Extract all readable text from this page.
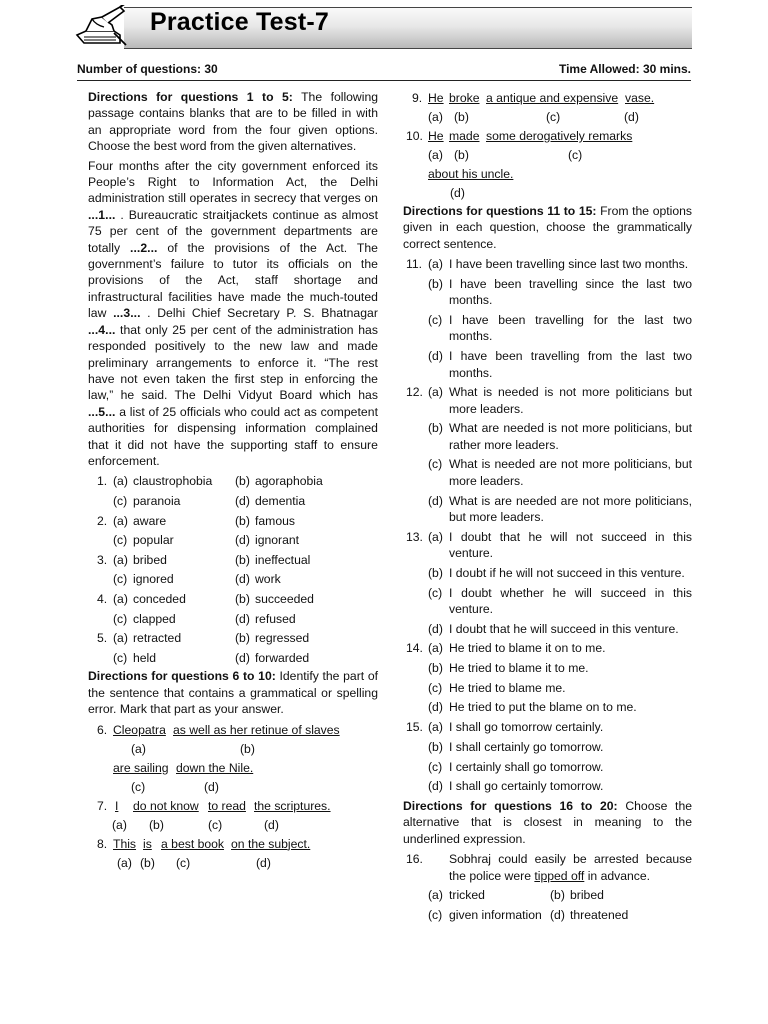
Practice Test-7
Number of questions: 30	Time Allowed: 30 mins.

Directions for questions 1 to 5: The following passage contains blanks that are to be filled in with an appropriate word from the four given options. Choose the best word from the given alternatives.

Four months after the city government enforced its People’s Right to Information Act, the Delhi administration still operates in secrecy that verges on ...1... . Bureaucratic straitjackets continue as almost 75 per cent of the government departments are totally ...2... of the provisions of the Act. The government’s failure to tutor its officials on the provisions of the Act, staff shortage and infrastructural facilities have made the much-touted law ...3... . Delhi Chief Secretary P. S. Bhatnagar ...4... that only 25 per cent of the administration has responded positively to the new law and made preliminary arrangements to enforce it. “The rest have not even taken the first step in enforcing the law,” he said. The Delhi Vidyut Board which has ...5... a list of 25 officials who could act as competent authorities for dispensing information complained that it did not have the supporting staff to ensure enforcement.

1. (a) claustrophobia (b) agoraphobia
(c) paranoia	(d) dementia
2. (a) aware	(b) famous
(c) popular	(d) ignorant
3. (a) bribed	(b) ineffectual
(c) ignored	(d) work
4. (a) conceded	(b) succeeded
(c) clapped	(d) refused
5. (a) retracted	(b) regressed
(c) held	(d) forwarded

Directions for questions 6 to 10: Identify the part of the sentence that contains a grammatical or spelling error. Mark that part as your answer.

6. Cleopatra as well as her retinue of slaves
(a)	(b)
are sailing down the Nile.
(c)	(d)
7. I do not know to read the scriptures.
(a) (b)	(c)	(d)
8. This is a best book on the subject.
(a) (b) (c)	(d)
9. He broke a antique and expensive vase.
(a) (b)	(c)	(d)
10. He made some derogatively remarks
(a) (b)	(c)
about his uncle.
(d)

Directions for questions 11 to 15: From the options given in each question, choose the grammatically correct sentence.

11. (a) I have been travelling since last two months.
(b) I have been travelling since the last two months.
(c) I have been travelling for the last two months.
(d) I have been travelling from the last two months.
12. (a) What is needed is not more politicians but more leaders.
(b) What are needed is not more politicians, but rather more leaders.
(c) What is needed are not more politicians, but more leaders.
(d) What is are needed are not more politicians, but more leaders.
13. (a) I doubt that he will not succeed in this venture.
(b) I doubt if he will not succeed in this venture.
(c) I doubt whether he will succeed in this venture.
(d) I doubt that he will succeed in this venture.
14. (a) He tried to blame it on to me.
(b) He tried to blame it to me.
(c) He tried to blame me.
(d) He tried to put the blame on to me.
15. (a) I shall go tomorrow certainly.
(b) I shall certainly go tomorrow.
(c) I certainly shall go tomorrow.
(d) I shall go certainly tomorrow.

Directions for questions 16 to 20: Choose the alternative that is closest in meaning to the underlined expression.

16. Sobhraj could easily be arrested because the police were tipped off in advance.
(a) tricked	(b) bribed
(c) given information (d) threatened
